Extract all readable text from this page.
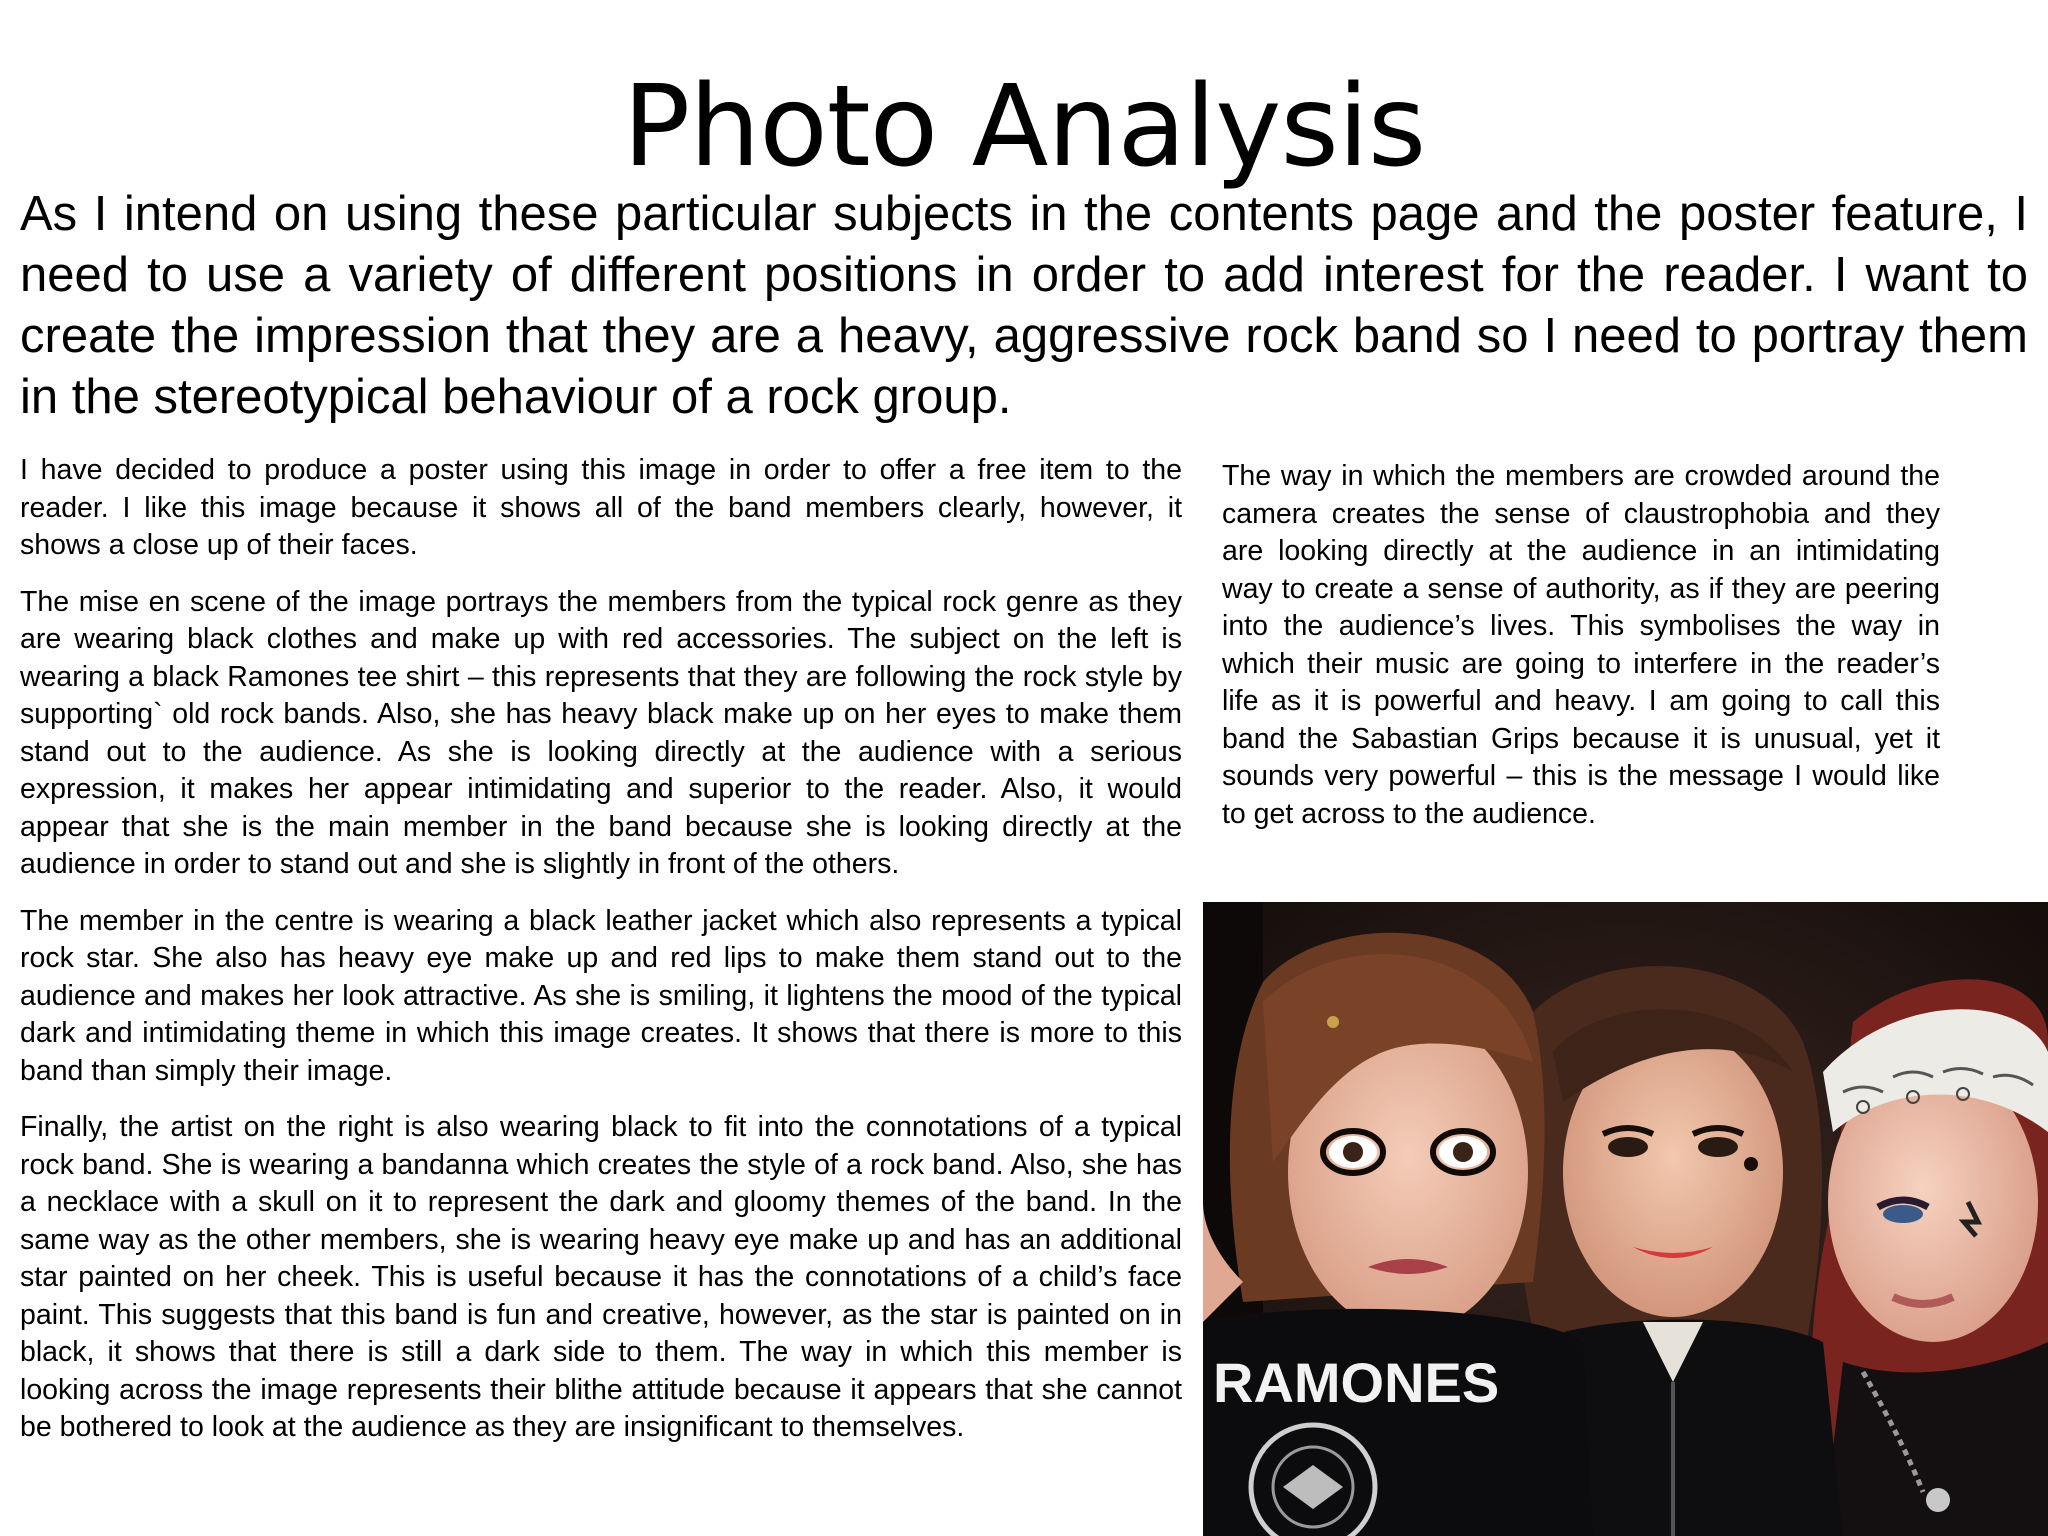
Photo Analysis

As I intend on using these particular subjects in the contents page and the poster feature, I need to use a variety of different positions in order to add interest for the reader. I want to create the impression that they are a heavy, aggressive rock band so I need to portray them in the stereotypical behaviour of a rock group.

I have decided to produce a poster using this image in order to offer a free item to the reader. I like this image because it shows all of the band members clearly, however, it shows a close up of their faces.

The mise en scene of the image portrays the members from the typical rock genre as they are wearing black clothes and make up with red accessories. The subject on the left is wearing a black Ramones tee shirt – this represents that they are following the rock style by supporting` old rock bands. Also, she has heavy black make up on her eyes to make them stand out to the audience. As she is looking directly at the audience with a serious expression, it makes her appear intimidating and superior to the reader. Also, it would appear that she is the main member in the band because she is looking directly at the audience in order to stand out and she is slightly in front of the others.

The member in the centre is wearing a black leather jacket which also represents a typical rock star. She also has heavy eye make up and red lips to make them stand out to the audience and makes her look attractive. As she is smiling, it lightens the mood of the typical dark and intimidating theme in which this image creates. It shows that there is more to this band than simply their image.

Finally, the artist on the right is also wearing black to fit into the connotations of a typical rock band. She is wearing a bandanna which creates the style of a rock band. Also, she has a necklace with a skull on it to represent the dark and gloomy themes of the band. In the same way as the other members, she is wearing heavy eye make up and has an additional star painted on her cheek. This is useful because it has the connotations of a child’s face paint. This suggests that this band is fun and creative, however, as the star is painted on in black, it shows that there is still a dark side to them. The way in which this member is looking across the image represents their blithe attitude because it appears that she cannot be bothered to look at the audience as they are insignificant to themselves.

The way in which the members are crowded around the camera creates the sense of claustrophobia and they are looking directly at the audience in an intimidating way to create a sense of authority, as if they are peering into the audience’s lives. This symbolises the way in which their music are going to interfere in the reader’s life as it is powerful and heavy. I am going to call this band the Sabastian Grips because it is unusual, yet it sounds very powerful – this is the message I would like to get across to the audience.

RAMONES
